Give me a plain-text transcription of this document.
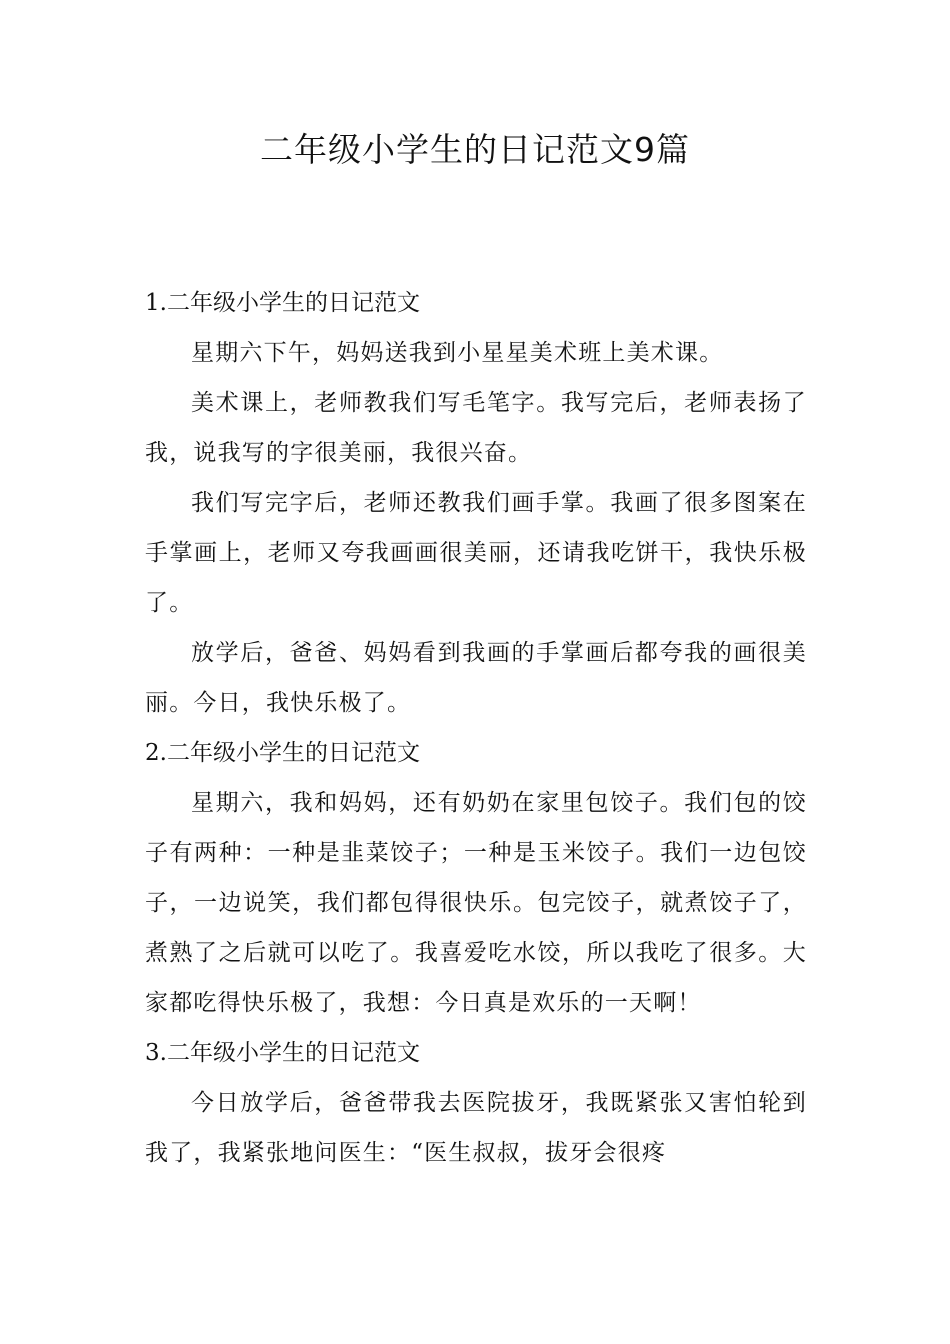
二年级小学生的日记范文9篇
1.二年级小学生的日记范文

星期六下午，妈妈送我到小星星美术班上美术课。

美术课上，老师教我们写毛笔字。我写完后，老师表扬了我，说我写的字很美丽，我很兴奋。

我们写完字后，老师还教我们画手掌。我画了很多图案在手掌画上，老师又夸我画画很美丽，还请我吃饼干，我快乐极了。

放学后，爸爸、妈妈看到我画的手掌画后都夸我的画很美丽。今日，我快乐极了。

2.二年级小学生的日记范文

星期六，我和妈妈，还有奶奶在家里包饺子。我们包的饺子有两种：一种是韭菜饺子；一种是玉米饺子。我们一边包饺子，一边说笑，我们都包得很快乐。包完饺子，就煮饺子了，煮熟了之后就可以吃了。我喜爱吃水饺，所以我吃了很多。大家都吃得快乐极了，我想：今日真是欢乐的一天啊！

3.二年级小学生的日记范文

今日放学后，爸爸带我去医院拔牙，我既紧张又害怕轮到我了，我紧张地问医生：“医生叔叔，拔牙会很疼
